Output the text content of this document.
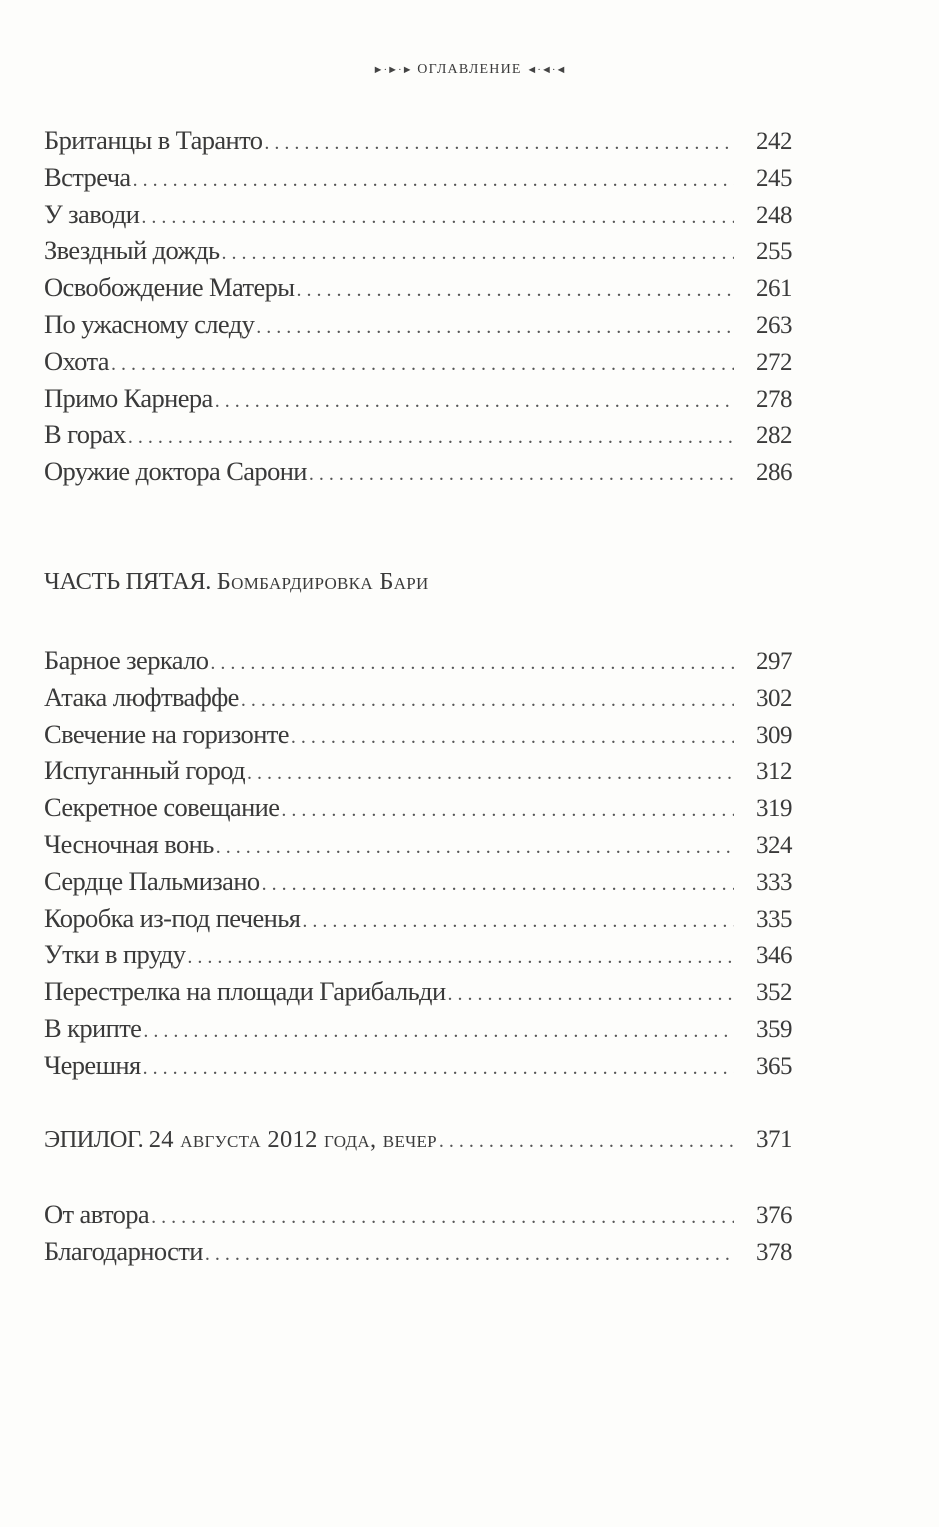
►·►·► ОГЛАВЛЕНИЕ ◄·◄·◄
Британцы в Таранто . . .	242
Встреча . . .	245
У заводи . . .	248
Звездный дождь . . .	255
Освобождение Матеры . . .	261
По ужасному следу . . .	263
Охота . . .	272
Примо Карнера . . .	278
В горах . . .	282
Оружие доктора Сарони . . .	286
ЧАСТЬ ПЯТАЯ. Бомбардировка Бари
Барное зеркало . . .	297
Атака люфтваффе . . .	302
Свечение на горизонте . . .	309
Испуганный город . . .	312
Секретное совещание . . .	319
Чесночная вонь . . .	324
Сердце Пальмизано . . .	333
Коробка из-под печенья . . .	335
Утки в пруду . . .	346
Перестрелка на площади Гарибальди . . .	352
В крипте . . .	359
Черешня . . .	365
ЭПИЛОГ. 24 августа 2012 года, вечер . . .	371
От автора . . .	376
Благодарности . . .	378
